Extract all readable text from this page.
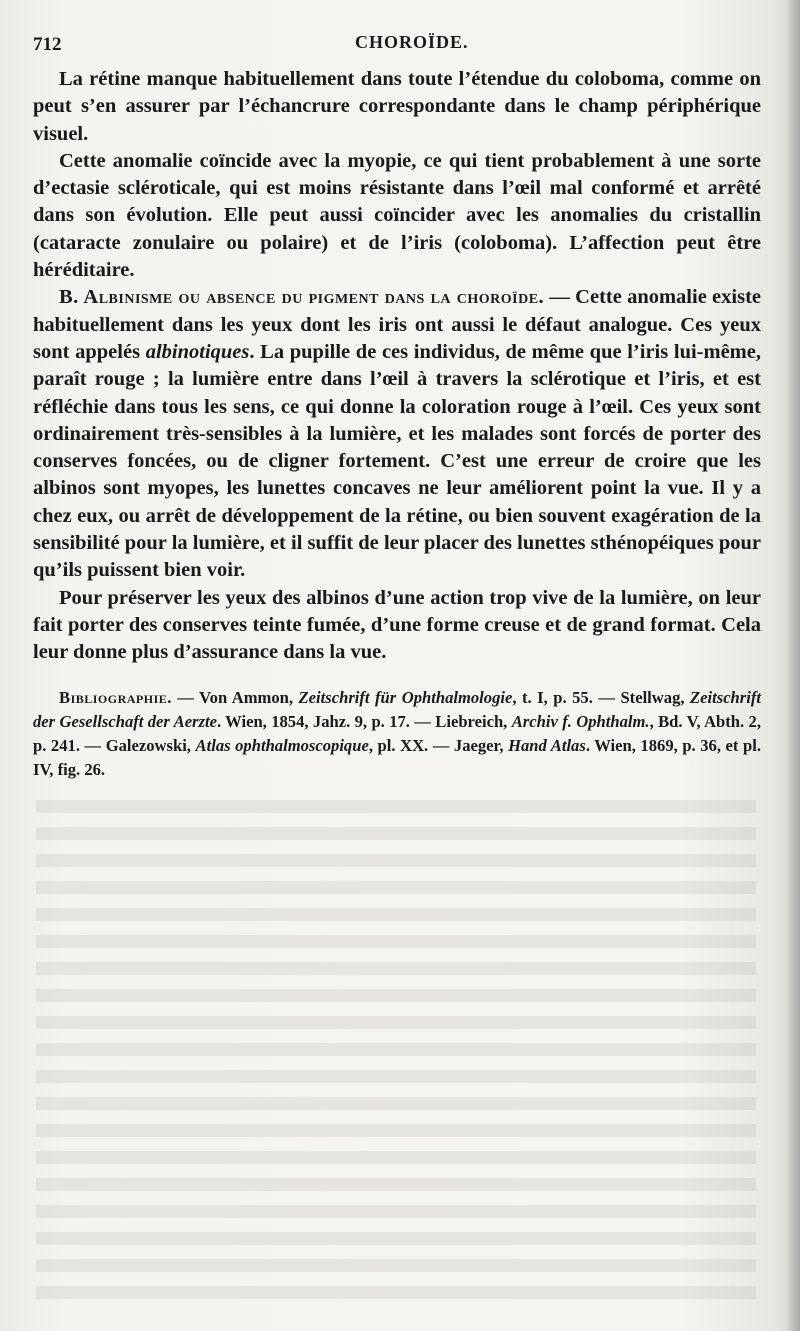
712	CHOROÏDE.

La rétine manque habituellement dans toute l’étendue du coloboma, comme on peut s’en assurer par l’échancrure correspondante dans le champ périphérique visuel.

Cette anomalie coïncide avec la myopie, ce qui tient probablement à une sorte d’ectasie scléroticale, qui est moins résistante dans l’œil mal conformé et arrêté dans son évolution. Elle peut aussi coïncider avec les anomalies du cristallin (cataracte zonulaire ou polaire) et de l’iris (coloboma). L’affection peut être héréditaire.

B. Albinisme ou absence du pigment dans la choroïde. — Cette anomalie existe habituellement dans les yeux dont les iris ont aussi le défaut analogue. Ces yeux sont appelés albinotiques. La pupille de ces individus, de même que l’iris lui-même, paraît rouge ; la lumière entre dans l’œil à travers la sclérotique et l’iris, et est réfléchie dans tous les sens, ce qui donne la coloration rouge à l’œil. Ces yeux sont ordinairement très-sensibles à la lumière, et les malades sont forcés de porter des conserves foncées, ou de cligner fortement. C’est une erreur de croire que les albinos sont myopes, les lunettes concaves ne leur améliorent point la vue. Il y a chez eux, ou arrêt de développement de la rétine, ou bien souvent exagération de la sensibilité pour la lumière, et il suffit de leur placer des lunettes sthénopéiques pour qu’ils puissent bien voir.

Pour préserver les yeux des albinos d’une action trop vive de la lumière, on leur fait porter des conserves teinte fumée, d’une forme creuse et de grand format. Cela leur donne plus d’assurance dans la vue.

Bibliographie. — Von Ammon, Zeitschrift für Ophthalmologie, t. I, p. 55. — Stellwag, Zeitschrift der Gesellschaft der Aerzte. Wien, 1854, Jahz. 9, p. 17. — Liebreich, Archiv f. Ophthalm., Bd. V, Abth. 2, p. 241. — Galezowski, Atlas ophthalmoscopique, pl. XX. — Jaeger, Hand Atlas. Wien, 1869, p. 36, et pl. IV, fig. 26.
